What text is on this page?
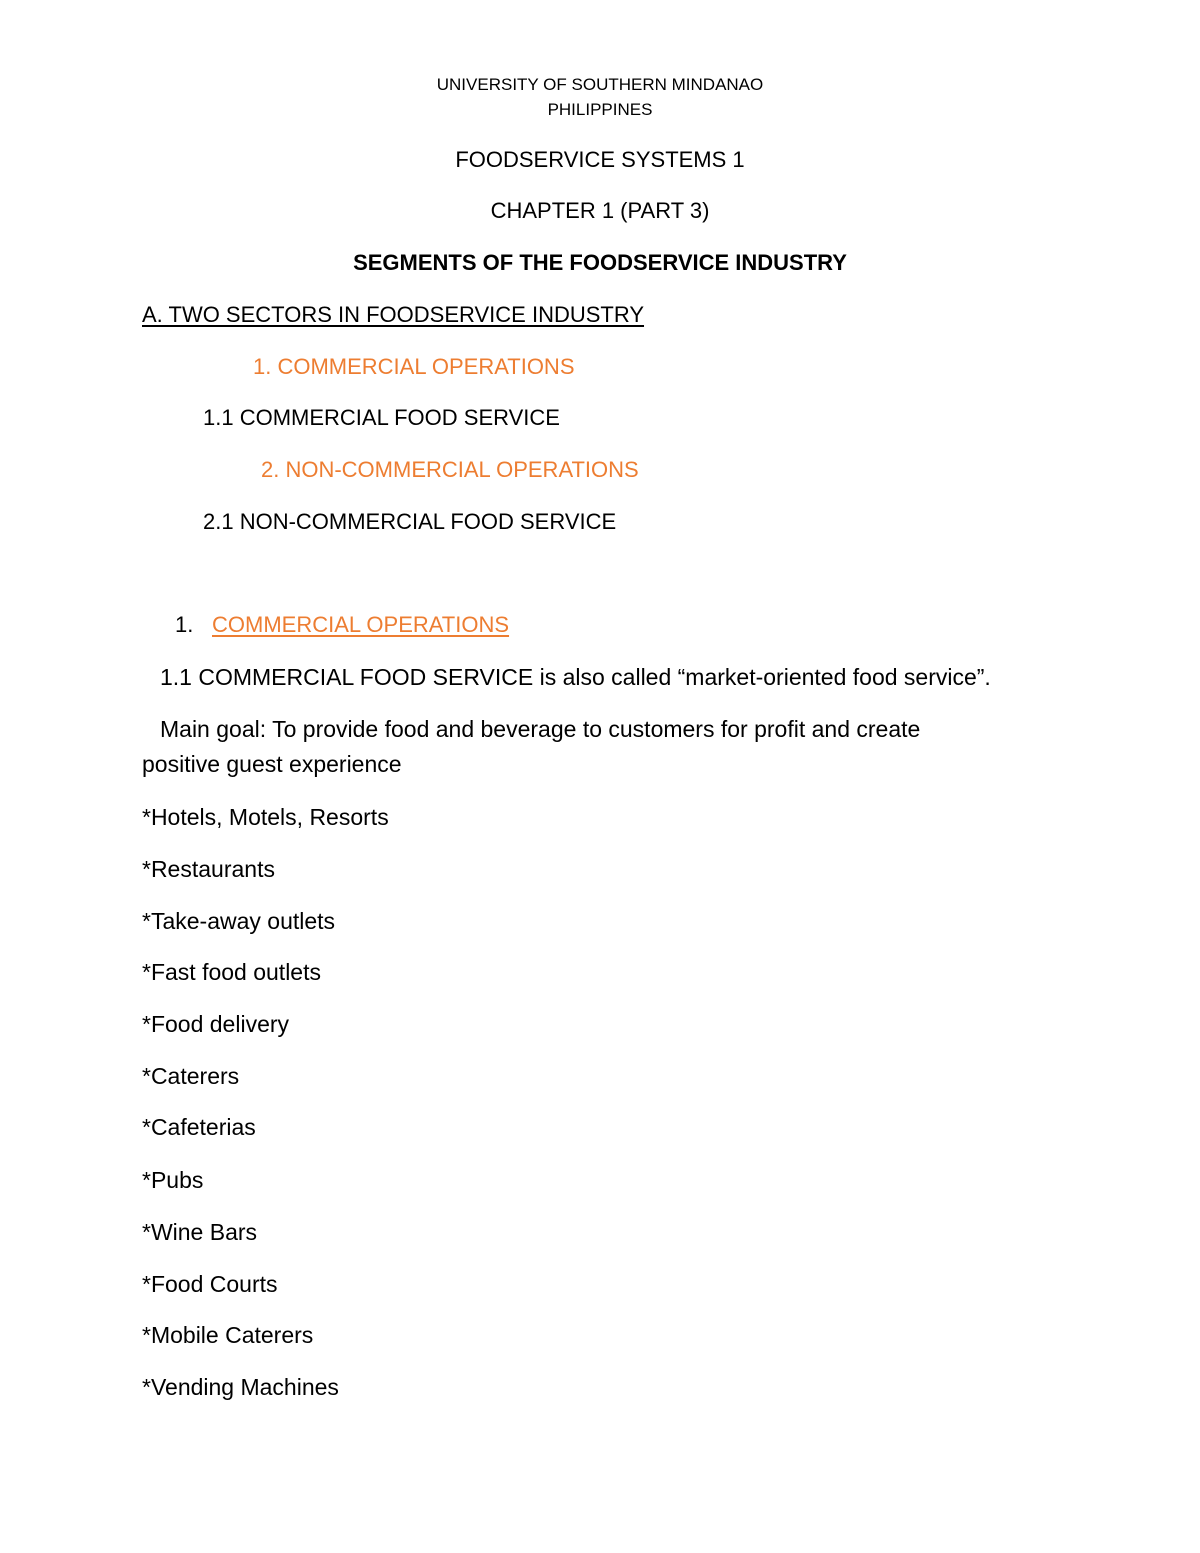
UNIVERSITY OF SOUTHERN MINDANAO
PHILIPPINES
FOODSERVICE SYSTEMS 1
CHAPTER 1 (PART 3)
SEGMENTS OF THE FOODSERVICE INDUSTRY
A. TWO SECTORS IN FOODSERVICE INDUSTRY
1. COMMERCIAL OPERATIONS
1.1 COMMERCIAL FOOD SERVICE
2. NON-COMMERCIAL OPERATIONS
2.1 NON-COMMERCIAL FOOD SERVICE
1. COMMERCIAL OPERATIONS
1.1 COMMERCIAL FOOD SERVICE is also called “market-oriented food service”.
Main goal: To provide food and beverage to customers for profit and create
positive guest experience
*Hotels, Motels, Resorts
*Restaurants
*Take-away outlets
*Fast food outlets
*Food delivery
*Caterers
*Cafeterias
*Pubs
*Wine Bars
*Food Courts
*Mobile Caterers
*Vending Machines
